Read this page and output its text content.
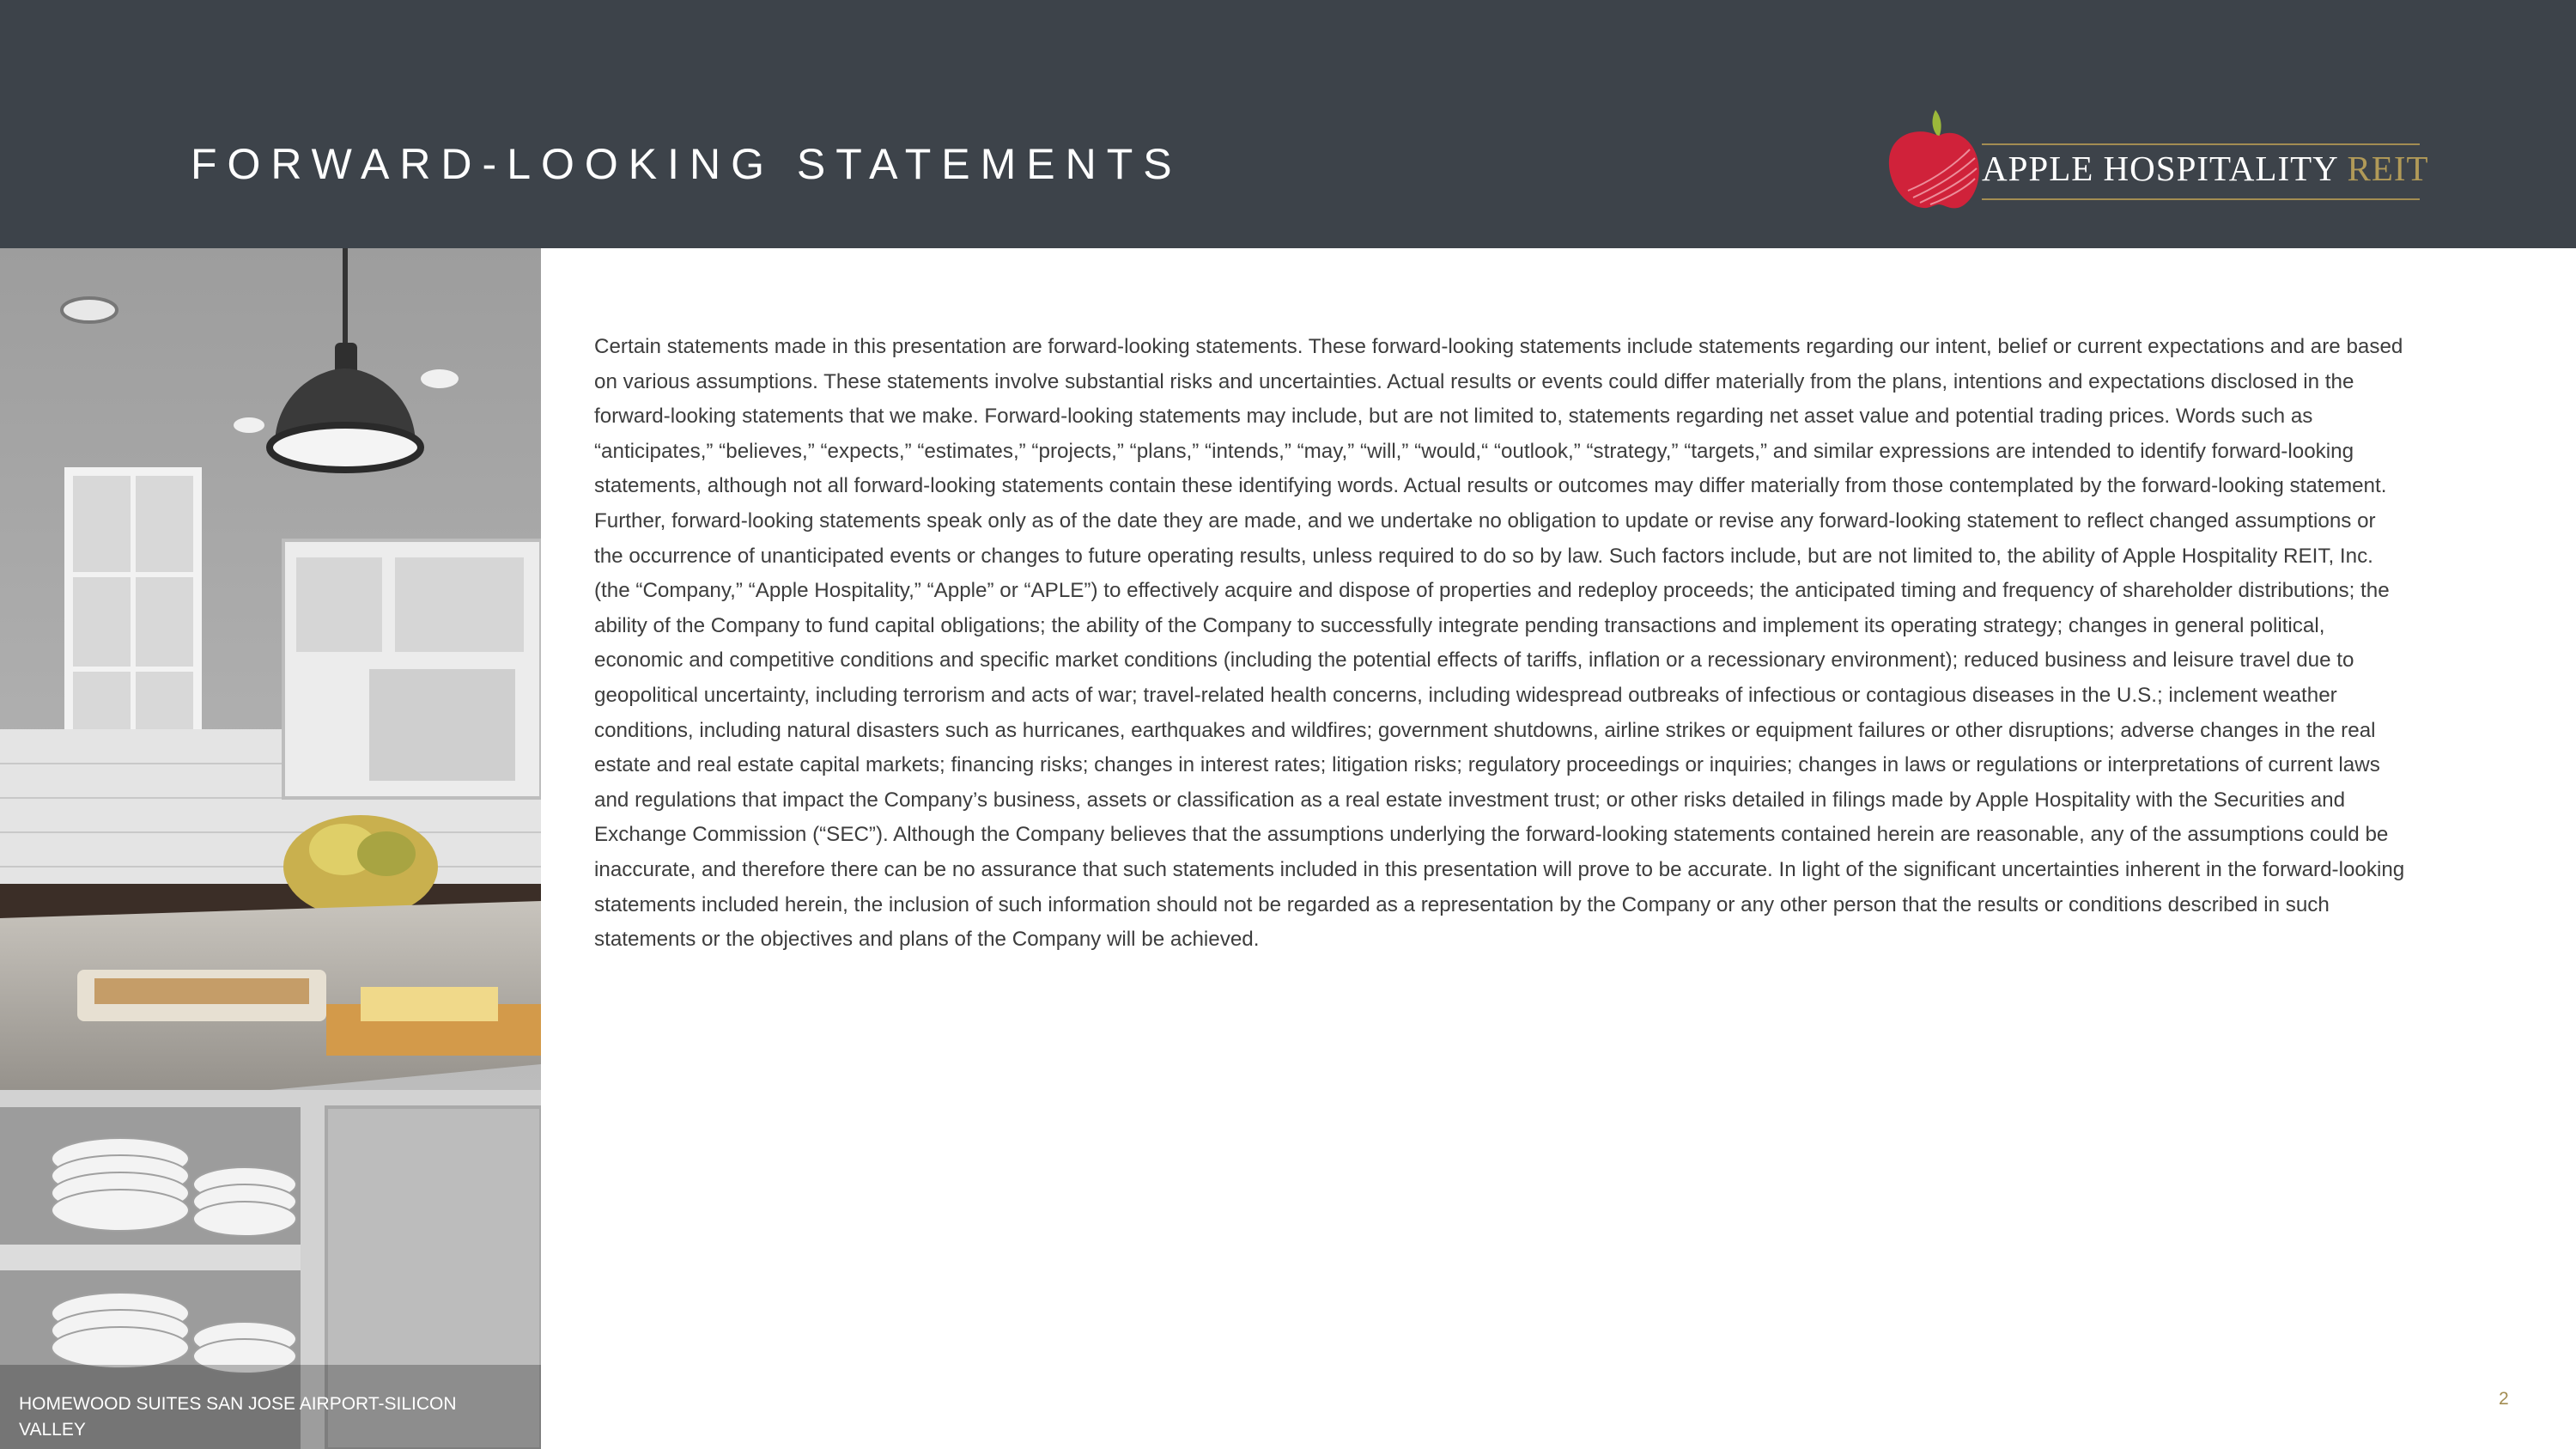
FORWARD-LOOKING STATEMENTS	APPLE HOSPITALITY REIT
HOMEWOOD SUITES SAN JOSE AIRPORT-SILICON VALLEY
Certain statements made in this presentation are forward-looking statements. These forward-looking statements include statements regarding our intent, belief or current expectations and are based on various assumptions. These statements involve substantial risks and uncertainties. Actual results or events could differ materially from the plans, intentions and expectations disclosed in the forward-looking statements that we make. Forward-looking statements may include, but are not limited to, statements regarding net asset value and potential trading prices. Words such as “anticipates,” “believes,” “expects,” “estimates,” “projects,” “plans,” “intends,” “may,” “will,” “would,“ “outlook,” “strategy,” “targets,” and similar expressions are intended to identify forward-looking statements, although not all forward-looking statements contain these identifying words. Actual results or outcomes may differ materially from those contemplated by the forward-looking statement. Further, forward-looking statements speak only as of the date they are made, and we undertake no obligation to update or revise any forward-looking statement to reflect changed assumptions or the occurrence of unanticipated events or changes to future operating results, unless required to do so by law. Such factors include, but are not limited to, the ability of Apple Hospitality REIT, Inc. (the “Company,” “Apple Hospitality,” “Apple” or “APLE”) to effectively acquire and dispose of properties and redeploy proceeds; the anticipated timing and frequency of shareholder distributions; the ability of the Company to fund capital obligations; the ability of the Company to successfully integrate pending transactions and implement its operating strategy; changes in general political, economic and competitive conditions and specific market conditions (including the potential effects of tariffs, inflation or a recessionary environment); reduced business and leisure travel due to geopolitical uncertainty, including terrorism and acts of war; travel-related health concerns, including widespread outbreaks of infectious or contagious diseases in the U.S.; inclement weather conditions, including natural disasters such as hurricanes, earthquakes and wildfires; government shutdowns, airline strikes or equipment failures or other disruptions; adverse changes in the real estate and real estate capital markets; financing risks; changes in interest rates; litigation risks; regulatory proceedings or inquiries; changes in laws or regulations or interpretations of current laws and regulations that impact the Company’s business, assets or classification as a real estate investment trust; or other risks detailed in filings made by Apple Hospitality with the Securities and Exchange Commission (“SEC”). Although the Company believes that the assumptions underlying the forward-looking statements contained herein are reasonable, any of the assumptions could be inaccurate, and therefore there can be no assurance that such statements included in this presentation will prove to be accurate. In light of the significant uncertainties inherent in the forward-looking statements included herein, the inclusion of such information should not be regarded as a representation by the Company or any other person that the results or conditions described in such statements or the objectives and plans of the Company will be achieved.
2
